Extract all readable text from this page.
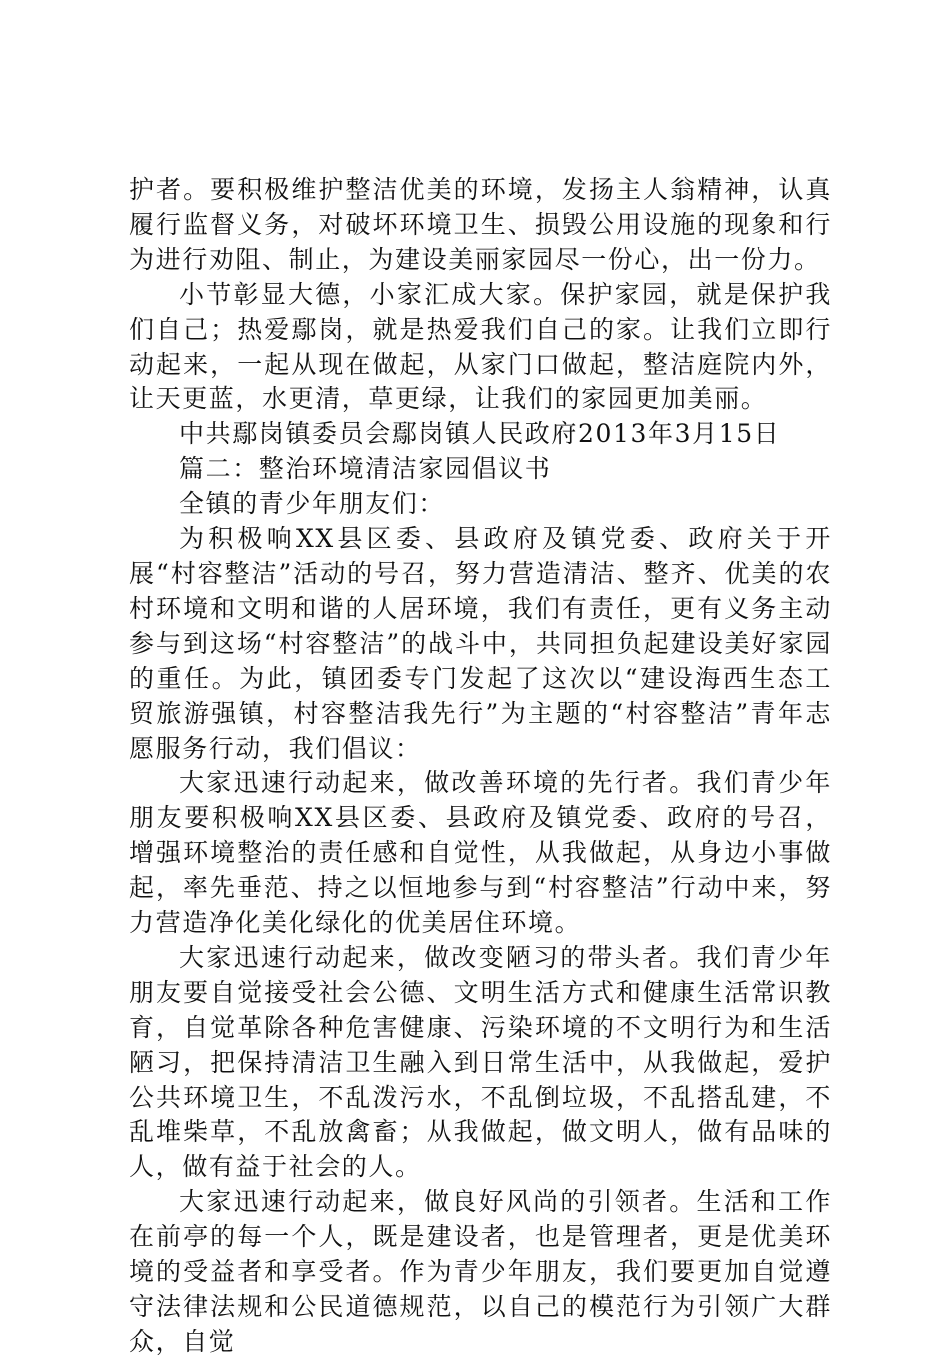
护者。要积极维护整洁优美的环境，发扬主人翁精神，认真履行监督义务，对破坏环境卫生、损毁公用设施的现象和行为进行劝阻、制止，为建设美丽家园尽一份心，出一份力。

小节彰显大德，小家汇成大家。保护家园，就是保护我们自己；热爱鄢岗，就是热爱我们自己的家。让我们立即行动起来，一起从现在做起，从家门口做起，整洁庭院内外，让天更蓝，水更清，草更绿，让我们的家园更加美丽。

中共鄢岗镇委员会鄢岗镇人民政府2013年3月15日

篇二：整治环境清洁家园倡议书

全镇的青少年朋友们：

为积极响XX县区委、县政府及镇党委、政府关于开展“村容整洁”活动的号召，努力营造清洁、整齐、优美的农村环境和文明和谐的人居环境，我们有责任，更有义务主动参与到这场“村容整洁”的战斗中，共同担负起建设美好家园的重任。为此，镇团委专门发起了这次以“建设海西生态工贸旅游强镇，村容整洁我先行”为主题的“村容整洁”青年志愿服务行动，我们倡议：

大家迅速行动起来，做改善环境的先行者。我们青少年朋友要积极响XX县区委、县政府及镇党委、政府的号召，增强环境整治的责任感和自觉性，从我做起，从身边小事做起，率先垂范、持之以恒地参与到“村容整洁”行动中来，努力营造净化美化绿化的优美居住环境。

大家迅速行动起来，做改变陋习的带头者。我们青少年朋友要自觉接受社会公德、文明生活方式和健康生活常识教育，自觉革除各种危害健康、污染环境的不文明行为和生活陋习，把保持清洁卫生融入到日常生活中，从我做起，爱护公共环境卫生，不乱泼污水，不乱倒垃圾，不乱搭乱建，不乱堆柴草，不乱放禽畜；从我做起，做文明人，做有品味的人，做有益于社会的人。

大家迅速行动起来，做良好风尚的引领者。生活和工作在前亭的每一个人，既是建设者，也是管理者，更是优美环境的受益者和享受者。作为青少年朋友，我们要更加自觉遵守法律法规和公民道德规范，以自己的模范行为引领广大群众，自觉
